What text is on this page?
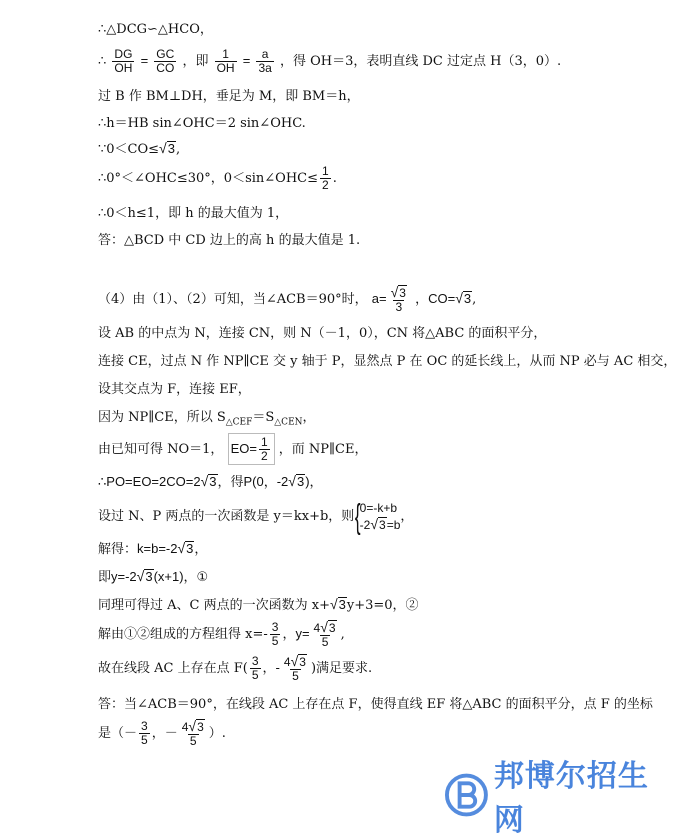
∴△DCG∽△HCO，
∴ $\frac{DG}{OH} = \frac{GC}{CO}$ ，即 $\frac{1}{OH} = \frac{a}{3a}$ ，得 OH＝3，表明直线 DC 过定点 H（3，0）.
过 B 作 BM⊥DH，垂足为 M，即 BM＝h，
∴h＝HB sin∠OHC＝2 sin∠OHC.
∵0＜CO≤ √ 3 ,
∴0°＜∠OHC≤30°，0＜sin∠OHC≤ $\frac{1}{2}$ .
∴0＜h≤1，即 h 的最大值为 1，
答：△BCD 中 CD 边上的高 h 的最大值是 1.
（4）由（1）、（2）可知，当∠ACB＝90°时， $a= \frac{√ 3}{3}$ ，CO= √ 3 ,
设 AB 的中点为 N，连接 CN，则 N（－1，0），CN 将△ABC 的面积平分，
连接 CE，过点 N 作 NP∥CE 交 y 轴于 P，显然点 P 在 OC 的延长线上，从而 NP 必与 AC 相交，
设其交点为 F，连接 EF，
因为 NP∥CE，所以 $S_{\triangle CEF}=S_{\triangle CEN}$，
由已知可得 NO＝1， $EO= \frac{1}{2}$ ，而 NP∥CE，
∴PO=EO=2CO=2 √ 3 ，得P(0，-2 √ 3 )，
设过 N、P 两点的一次函数是 y＝kx+b，则{
0=-k+b
-2 √ 3 =b
，
解得：k=b=-2 √ 3 ，
即y=-2 √ 3 (x+1)，①
同理可得过 A、C 两点的一次函数为 x+ √ 3 y+3=0，②
解由①②组成的方程组得 $x=- \frac{3}{5}$ ，$y= \frac{4 √ 3}{5}$ ,
故在线段 AC 上存在点 $F( \frac{3}{5}$ ，- $\frac{4 √ 3}{5}$ )满足要求.
答：当∠ACB＝90°，在线段 AC 上存在点 F，使得直线 EF 将△ABC 的面积平分，点 F 的坐标
是（－ $\frac{3}{5}$ ，－ $\frac{4 √ 3}{5}$ ）.
邦博尔招生网
